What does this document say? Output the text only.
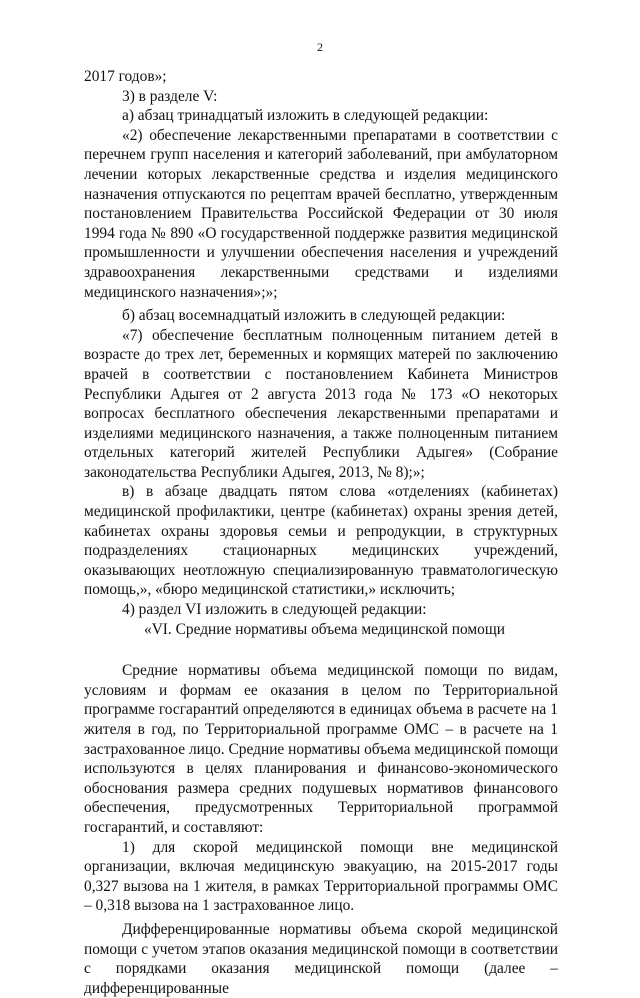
2

2017 годов»;

3) в разделе V:

а) абзац тринадцатый изложить в следующей редакции:

«2) обеспечение лекарственными препаратами в соответствии с перечнем групп населения и категорий заболеваний, при амбулаторном лечении которых лекарственные средства и изделия медицинского назначения отпускаются по рецептам врачей бесплатно, утвержденным постановлением Правительства Российской Федерации от 30 июля 1994 года № 890 «О государственной поддержке развития медицинской промышленности и улучшении обеспечения населения и учреждений здравоохранения лекарственными средствами и изделиями медицинского назначения»;»;

б) абзац восемнадцатый изложить в следующей редакции:

«7) обеспечение бесплатным полноценным питанием детей в возрасте до трех лет, беременных и кормящих матерей по заключению врачей в соответствии с постановлением Кабинета Министров Республики Адыгея от 2 августа 2013 года № 173 «О некоторых вопросах бесплатного обеспечения лекарственными препаратами и изделиями медицинского назначения, а также полноценным питанием отдельных категорий жителей Республики Адыгея» (Собрание законодательства Республики Адыгея, 2013, № 8);»;

в) в абзаце двадцать пятом слова «отделениях (кабинетах) медицинской профилактики, центре (кабинетах) охраны зрения детей, кабинетах охраны здоровья семьи и репродукции, в структурных подразделениях стационарных медицинских учреждений, оказывающих неотложную специализированную травматологическую помощь,», «бюро медицинской статистики,» исключить;

4) раздел VI изложить в следующей редакции:

«VI. Средние нормативы объема медицинской помощи

Средние нормативы объема медицинской помощи по видам, условиям и формам ее оказания в целом по Территориальной программе госгарантий определяются в единицах объема в расчете на 1 жителя в год, по Территориальной программе ОМС – в расчете на 1 застрахованное лицо. Средние нормативы объема медицинской помощи используются в целях планирования и финансово-экономического обоснования размера средних подушевых нормативов финансового обеспечения, предусмотренных Территориальной программой госгарантий, и составляют:

1) для скорой медицинской помощи вне медицинской организации, включая медицинскую эвакуацию, на 2015-2017 годы 0,327 вызова на 1 жителя, в рамках Территориальной программы ОМС – 0,318 вызова на 1 застрахованное лицо.

Дифференцированные нормативы объема скорой медицинской помощи с учетом этапов оказания медицинской помощи в соответствии с порядками оказания медицинской помощи (далее – дифференцированные
